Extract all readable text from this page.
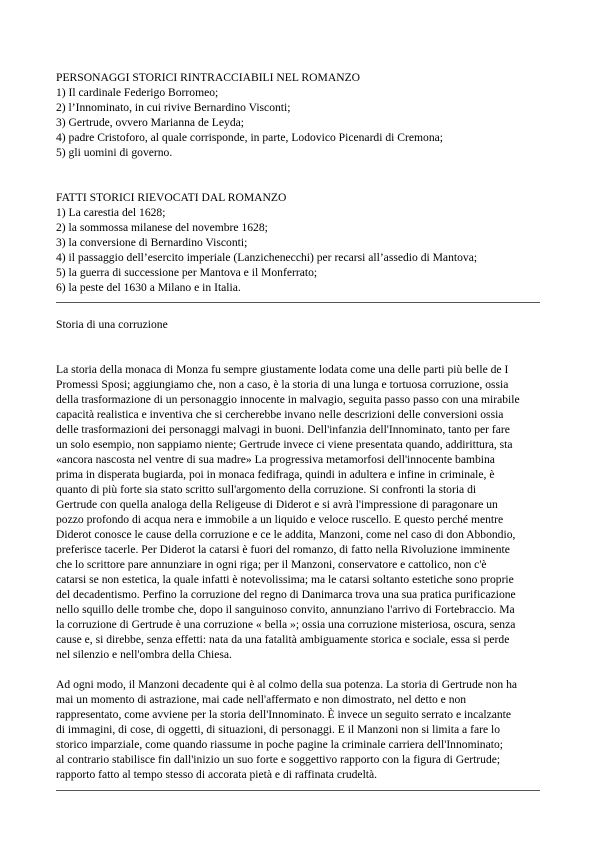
PERSONAGGI STORICI RINTRACCIABILI NEL ROMANZO

1) Il cardinale Federigo Borromeo;

2) l’Innominato, in cui rivive Bernardino Visconti;

3) Gertrude, ovvero Marianna de Leyda;

4) padre Cristoforo, al quale corrisponde, in parte, Lodovico Picenardi di Cremona;

5) gli uomini di governo.

FATTI STORICI RIEVOCATI DAL ROMANZO

1) La carestia del 1628;

2) la sommossa milanese del novembre 1628;

3) la conversione di Bernardino Visconti;

4) il passaggio dell’esercito imperiale (Lanzichenecchi) per recarsi all’assedio di Mantova;

5) la guerra di successione per Mantova e il Monferrato;

6) la peste del 1630 a Milano e in Italia.

Storia di una corruzione

La storia della monaca di Monza fu sempre giustamente lodata come una delle parti più belle de I

Promessi Sposi; aggiungiamo che, non a caso, è la storia di una lunga e tortuosa corruzione, ossia

della trasformazione di un personaggio innocente in malvagio, seguita passo passo con una mirabile

capacità realistica e inventiva che si cercherebbe invano nelle descrizioni delle conversioni ossia

delle trasformazioni dei personaggi malvagi in buoni. Dell'infanzia dell'Innominato, tanto per fare

un solo esempio, non sappiamo niente; Gertrude invece ci viene presentata quando, addirittura, sta

«ancora nascosta nel ventre di sua madre» La progressiva metamorfosi dell'innocente bambina

prima in disperata bugiarda, poi in monaca fedifraga, quindi in adultera e infine in criminale, è

quanto di più forte sia stato scritto sull'argomento della corruzione. Si confronti la storia di

Gertrude con quella analoga della Religeuse di Diderot e si avrà l'impressione di paragonare un

pozzo profondo di acqua nera e immobile a un liquido e veloce ruscello. E questo perché mentre

Diderot conosce le cause della corruzione e ce le addita, Manzoni, come nel caso di don Abbondio,

preferisce tacerle. Per Diderot la catarsi è fuori del romanzo, di fatto nella Rivoluzione imminente

che lo scrittore pare annunziare in ogni riga; per il Manzoni, conservatore e cattolico, non c'è

catarsi se non estetica, la quale infatti è notevolissima; ma le catarsi soltanto estetiche sono proprie

del decadentismo. Perfino la corruzione del regno di Danimarca trova una sua pratica purificazione

nello squillo delle trombe che, dopo il sanguinoso convito, annunziano l'arrivo di Fortebraccio. Ma

la corruzione di Gertrude è una corruzione « bella »; ossia una corruzione misteriosa, oscura, senza

cause e, si direbbe, senza effetti: nata da una fatalità ambiguamente storica e sociale, essa si perde

nel silenzio e nell'ombra della Chiesa.

Ad ogni modo, il Manzoni decadente qui è al colmo della sua potenza. La storia di Gertrude non ha

mai un momento di astrazione, mai cade nell'affermato e non dimostrato, nel detto e non

rappresentato, come avviene per la storia dell'Innominato. È invece un seguito serrato e incalzante

di immagini, di cose, di oggetti, di situazioni, di personaggi. E il Manzoni non si limita a fare lo

storico imparziale, come quando riassume in poche pagine la criminale carriera dell'Innominato;

al contrario stabilisce fin dall'inizio un suo forte e soggettivo rapporto con la figura di Gertrude;

rapporto fatto al tempo stesso di accorata pietà e di raffinata crudeltà.
